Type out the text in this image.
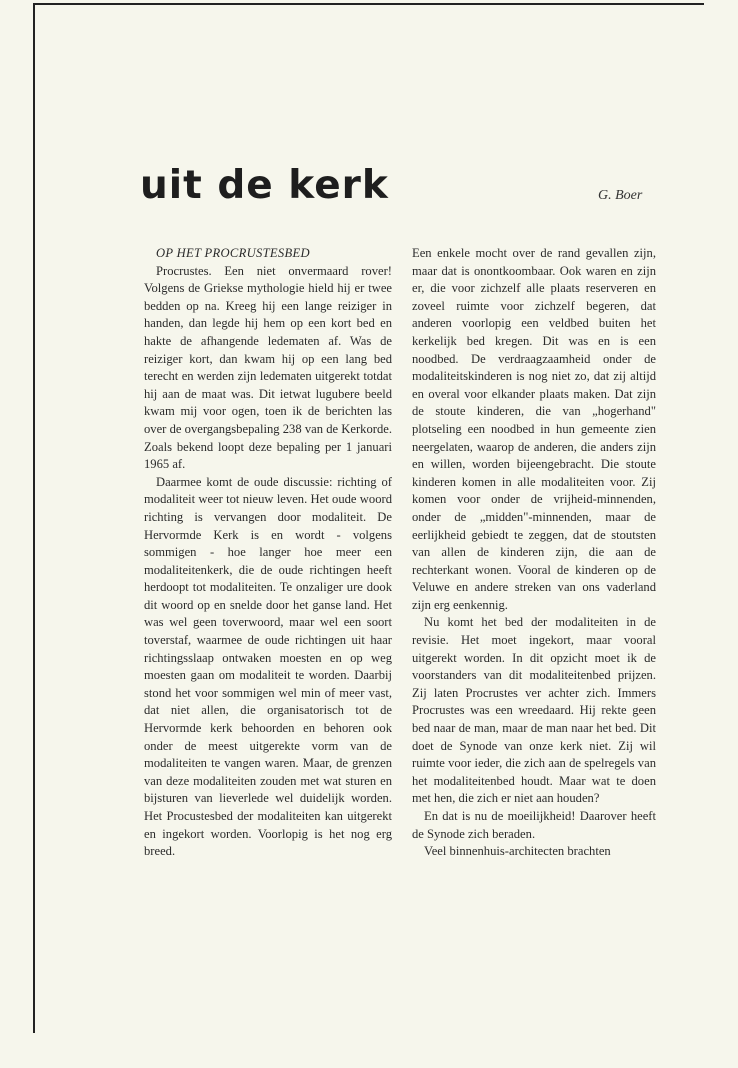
uit de kerk	G. Boer

OP HET PROCRUSTESBED

Procrustes. Een niet onvermaard rover! Volgens de Griekse mythologie hield hij er twee bedden op na. Kreeg hij een lange reiziger in handen, dan legde hij hem op een kort bed en hakte de afhangende ledematen af. Was de reiziger kort, dan kwam hij op een lang bed terecht en werden zijn ledematen uitgerekt totdat hij aan de maat was. Dit ietwat lugubere beeld kwam mij voor ogen, toen ik de berichten las over de overgangsbepaling 238 van de Kerkorde. Zoals bekend loopt deze bepaling per 1 januari 1965 af.

Daarmee komt de oude discussie: richting of modaliteit weer tot nieuw leven. Het oude woord richting is vervangen door modaliteit. De Hervormde Kerk is en wordt - volgens sommigen - hoe langer hoe meer een modaliteitenkerk, die de oude richtingen heeft herdoopt tot modaliteiten. Te onzaliger ure dook dit woord op en snelde door het ganse land. Het was wel geen toverwoord, maar wel een soort toverstaf, waarmee de oude richtingen uit haar richtingsslaap ontwaken moesten en op weg moesten gaan om modaliteit te worden. Daarbij stond het voor sommigen wel min of meer vast, dat niet allen, die organisatorisch tot de Hervormde kerk behoorden en behoren ook onder de meest uitgerekte vorm van de modaliteiten te vangen waren. Maar, de grenzen van deze modaliteiten zouden met wat sturen en bijsturen van lieverlede wel duidelijk worden. Het Procustesbed der modaliteiten kan uitgerekt en ingekort worden. Voorlopig is het nog erg breed.

Een enkele mocht over de rand gevallen zijn, maar dat is onontkoombaar. Ook waren en zijn er, die voor zichzelf alle plaats reserveren en zoveel ruimte voor zichzelf begeren, dat anderen voorlopig een veldbed buiten het kerkelijk bed kregen. Dit was en is een noodbed. De verdraagzaamheid onder de modaliteitskinderen is nog niet zo, dat zij altijd en overal voor elkander plaats maken. Dat zijn de stoute kinderen, die van „hogerhand" plotseling een noodbed in hun gemeente zien neergelaten, waarop de anderen, die anders zijn en willen, worden bijeengebracht. Die stoute kinderen komen in alle modaliteiten voor. Zij komen voor onder de vrijheid-minnenden, onder de „midden"-minnenden, maar de eerlijkheid gebiedt te zeggen, dat de stoutsten van allen de kinderen zijn, die aan de rechterkant wonen. Vooral de kinderen op de Veluwe en andere streken van ons vaderland zijn erg eenkennig.

Nu komt het bed der modaliteiten in de revisie. Het moet ingekort, maar vooral uitgerekt worden. In dit opzicht moet ik de voorstanders van dit modaliteitenbed prijzen. Zij laten Procrustes ver achter zich. Immers Procrustes was een wreedaard. Hij rekte geen bed naar de man, maar de man naar het bed. Dit doet de Synode van onze kerk niet. Zij wil ruimte voor ieder, die zich aan de spelregels van het modaliteitenbed houdt. Maar wat te doen met hen, die zich er niet aan houden?

En dat is nu de moeilijkheid! Daarover heeft de Synode zich beraden.

Veel binnenhuis-architecten brachten
